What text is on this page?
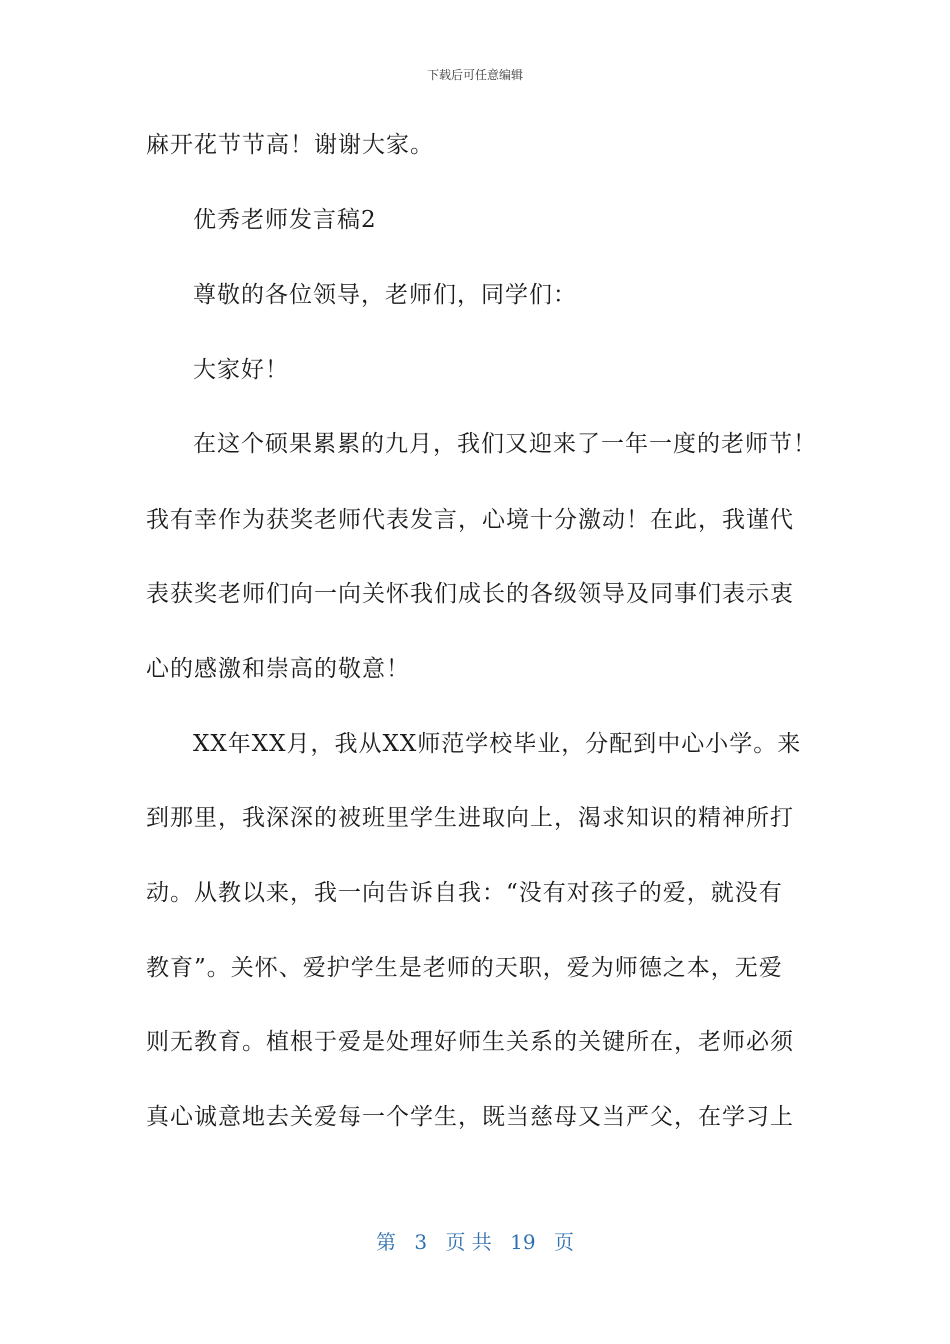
下载后可任意编辑
麻开花节节高！谢谢大家。
优秀老师发言稿2
尊敬的各位领导，老师们，同学们：
大家好！
在这个硕果累累的九月，我们又迎来了一年一度的老师节！
我有幸作为获奖老师代表发言，心境十分激动！在此，我谨代
表获奖老师们向一向关怀我们成长的各级领导及同事们表示衷
心的感激和崇高的敬意！
XX年XX月，我从XX师范学校毕业，分配到中心小学。来
到那里，我深深的被班里学生进取向上，渴求知识的精神所打
动。从教以来，我一向告诉自我：“没有对孩子的爱，就没有
教育”。关怀、爱护学生是老师的天职，爱为师德之本，无爱
则无教育。植根于爱是处理好师生关系的关键所在，老师必须
真心诚意地去关爱每一个学生，既当慈母又当严父，在学习上
第 3 页 共 19 页
